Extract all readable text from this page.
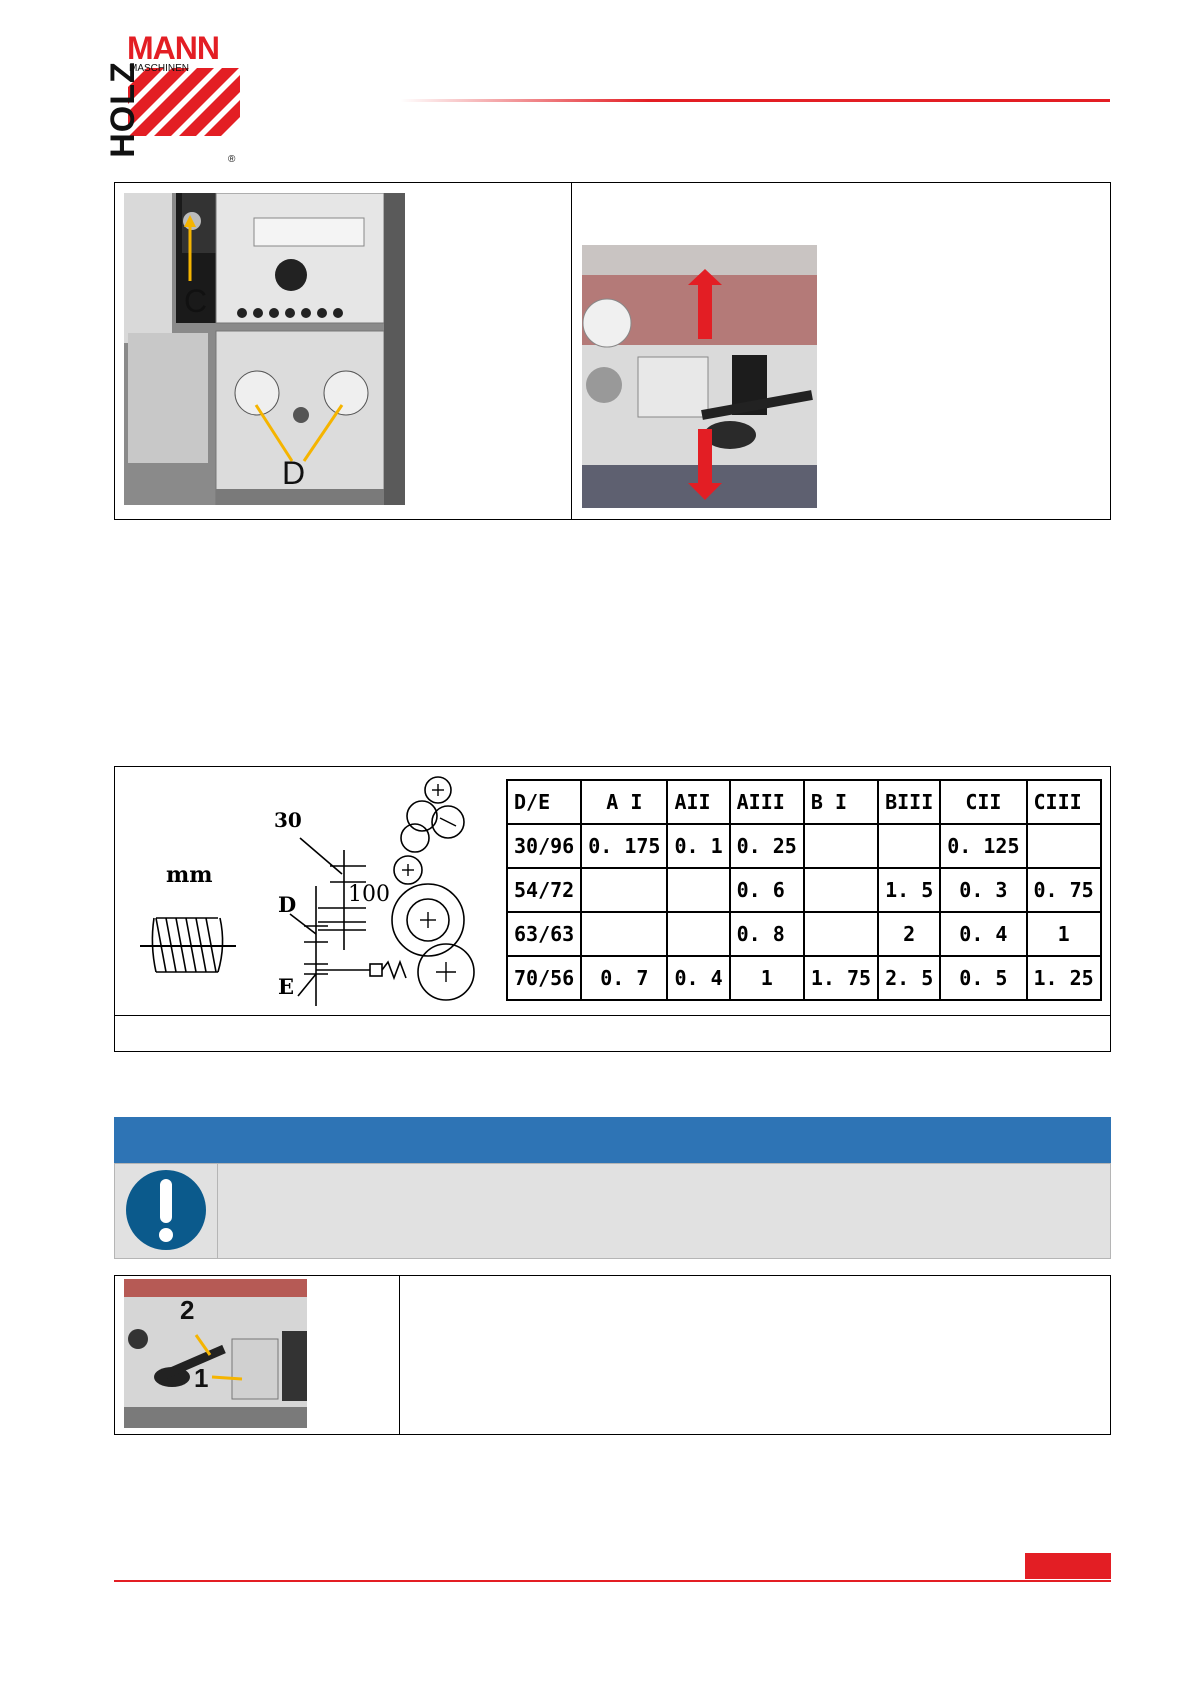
MANN
MASCHINEN
HOLZ
®
C
D
mm
30
100
D
E
D/E	A I	AII	AIII	B I	BIII	CII	CIII
30/96	0. 175	0. 1	0. 25			0. 125	
54/72			0. 6		1. 5	0. 3	0. 75
63/63			0. 8		2	0. 4	1
70/56	0. 7	0. 4	1	1. 75	2. 5	0. 5	1. 25
2
1
